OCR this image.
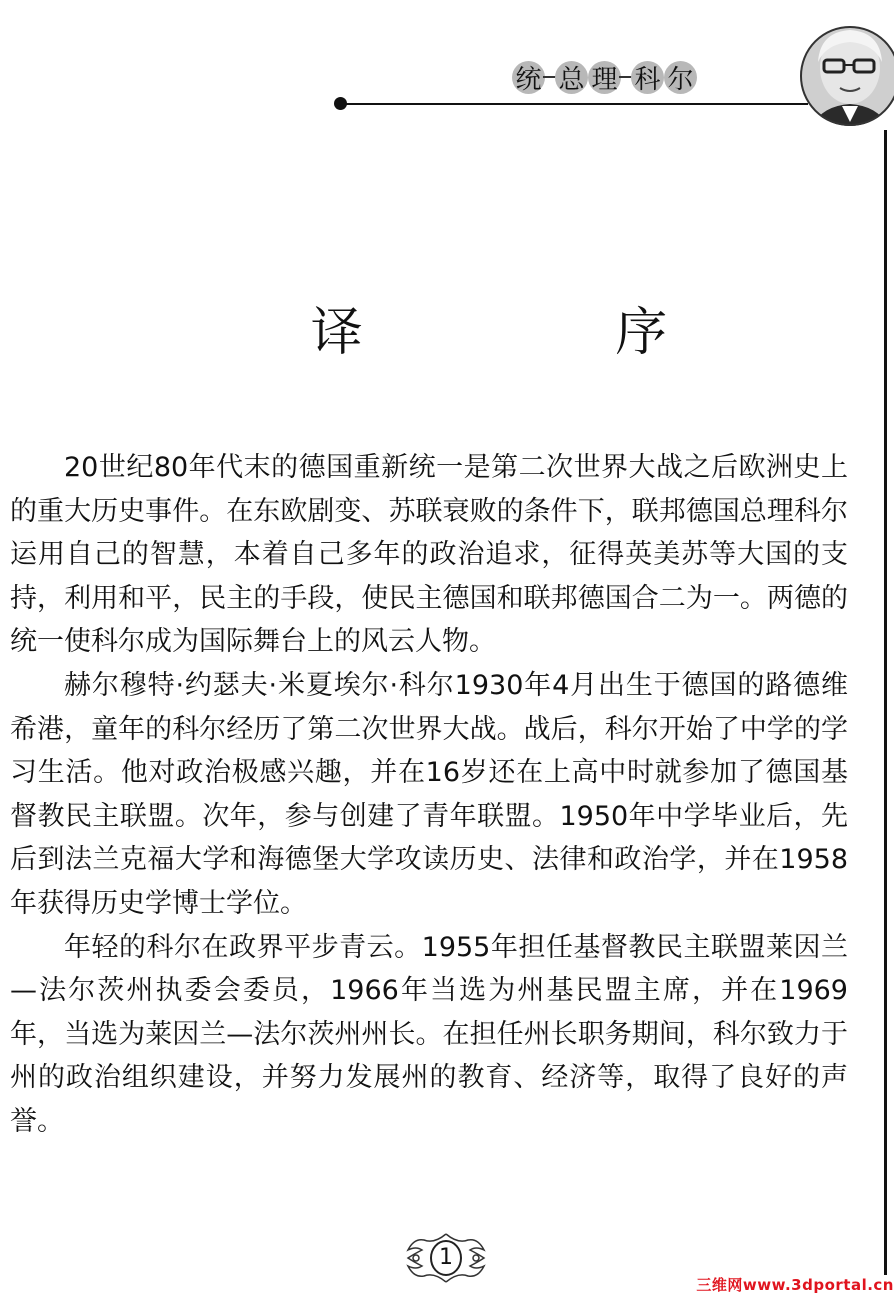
统 总 理 科 尔
译 序

20世纪80年代末的德国重新统一是第二次世界大战之后欧洲史上的重大历史事件。在东欧剧变、苏联衰败的条件下，联邦德国总理科尔运用自己的智慧，本着自己多年的政治追求，征得英美苏等大国的支持，利用和平，民主的手段，使民主德国和联邦德国合二为一。两德的统一使科尔成为国际舞台上的风云人物。

赫尔穆特·约瑟夫·米夏埃尔·科尔1930年4月出生于德国的路德维希港，童年的科尔经历了第二次世界大战。战后，科尔开始了中学的学习生活。他对政治极感兴趣，并在16岁还在上高中时就参加了德国基督教民主联盟。次年，参与创建了青年联盟。1950年中学毕业后，先后到法兰克福大学和海德堡大学攻读历史、法律和政治学，并在1958年获得历史学博士学位。

年轻的科尔在政界平步青云。1955年担任基督教民主联盟莱因兰—法尔茨州执委会委员，1966年当选为州基民盟主席，并在1969年，当选为莱因兰—法尔茨州州长。在担任州长职务期间，科尔致力于州的政治组织建设，并努力发展州的教育、经济等，取得了良好的声誉。

1
三维网www.3dportal.cn
